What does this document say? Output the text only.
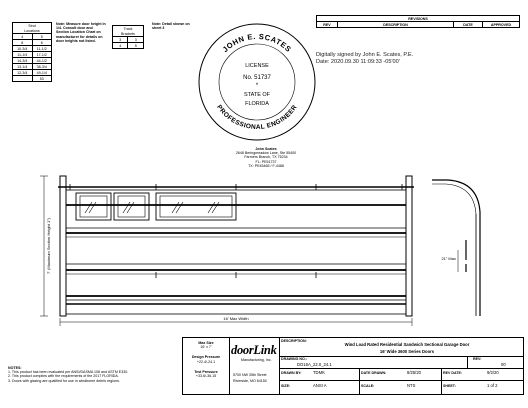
Strut	
Locations	
4	5
8	6
10-3/4	11-1/2
11-1/4	17-1/2
14-3/4	44-1/2
13-1/4	38-3/4
12-3/4	49-1/4
	53
Note: Measure door height in 1/4. Consult door and Section Location Chart on manufacturer for details on door heights not listed.
Track	
Brackets	
3	3
4	5
Note: Detail shown on sheet 3
JOHN E. SCATES
PROFESSIONAL ENGINEER
LICENSE
No. 51737
*
STATE OF
FLORIDA
Digitally signed by John E. Scates, P.E.
Date: 2020.09.30 11:09:33 -05'00'
REVISIONS
REV	DESCRIPTION	DATE	APPROVED
John Scates
2648 Beringmeadow Lane, Ste 55400
Farmers Branch, TX 75234
FL: PE51737
TX: PE45465 / F-4488
7' (Maximum Section Height 1")
16' Max Width
21" Max
NOTES:
1. This product has been evaluated per ANSI/DASMA 108 and ASTM E330.
2. This product complies with the requirements of the 2017 FLORIDA.
3. Doors with glazing are qualified for use in windborne debris regions.
Max Size
16' x 7'
Design Pressure
+22.4/-24.1
Test Pressure
+33.6/-36.15
doorLink
Manufacturing, Inc.
5700 NW 35th Street
Riverside, MO 64150
DESCRIPTION:
Wind Load Rated Residential Sandwich Sectional Garage Door
16' Wide 3600 Series Doors
DRAWING NO.:	REV:
DO16A_22.0_24.1	00
DRAWN BY:	TDMK	DATE DRAWN:	8/25/20	REV DATE:	9/2/20
SIZE:	ANSI A	SCALE:	NTS	SHEET:	1 of 2
